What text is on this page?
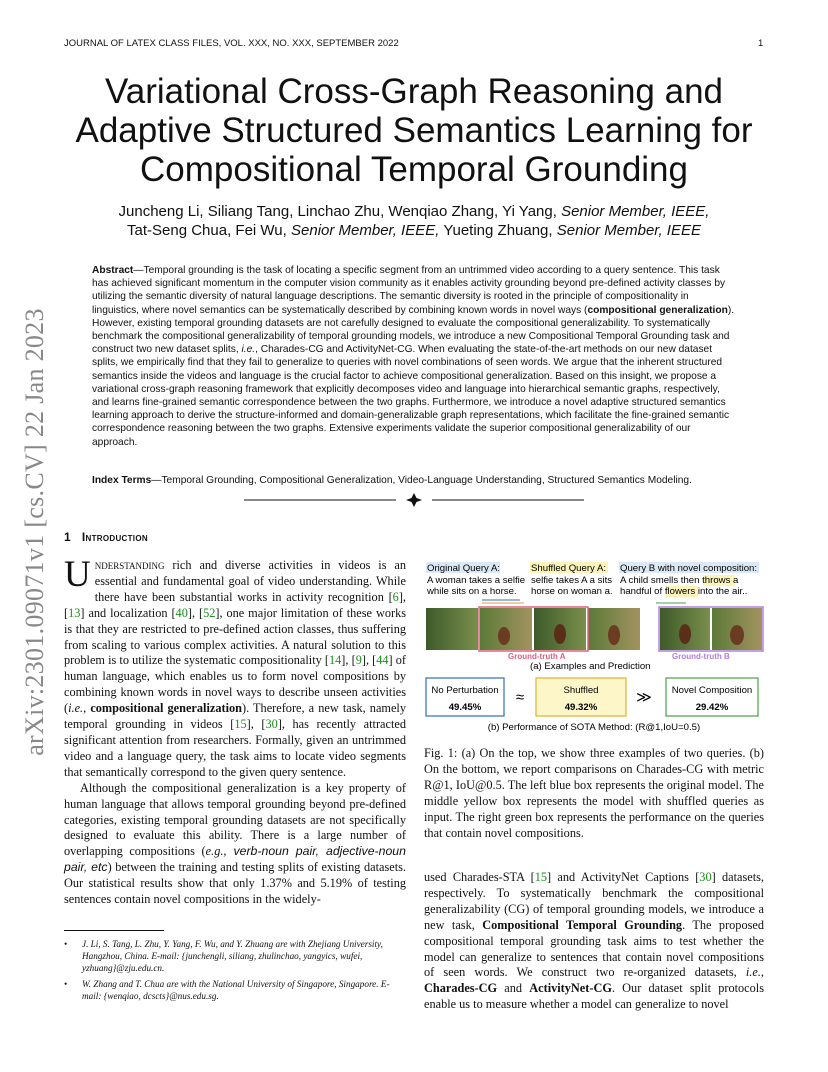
JOURNAL OF LATEX CLASS FILES, VOL. XXX, NO. XXX, SEPTEMBER 2022	1
arXiv:2301.09071v1 [cs.CV] 22 Jan 2023
Variational Cross-Graph Reasoning and
Adaptive Structured Semantics Learning for
Compositional Temporal Grounding
Juncheng Li, Siliang Tang, Linchao Zhu, Wenqiao Zhang, Yi Yang, Senior Member, IEEE,
Tat-Seng Chua, Fei Wu, Senior Member, IEEE, Yueting Zhuang, Senior Member, IEEE
Abstract—Temporal grounding is the task of locating a specific segment from an untrimmed video according to a query sentence. This task has achieved significant momentum in the computer vision community as it enables activity grounding beyond pre-defined activity classes by utilizing the semantic diversity of natural language descriptions. The semantic diversity is rooted in the principle of compositionality in linguistics, where novel semantics can be systematically described by combining known words in novel ways (compositional generalization). However, existing temporal grounding datasets are not carefully designed to evaluate the compositional generalizability. To systematically benchmark the compositional generalizability of temporal grounding models, we introduce a new Compositional Temporal Grounding task and construct two new dataset splits, i.e., Charades-CG and ActivityNet-CG. When evaluating the state-of-the-art methods on our new dataset splits, we empirically find that they fail to generalize to queries with novel combinations of seen words. We argue that the inherent structured semantics inside the videos and language is the crucial factor to achieve compositional generalization. Based on this insight, we propose a variational cross-graph reasoning framework that explicitly decomposes video and language into hierarchical semantic graphs, respectively, and learns fine-grained semantic correspondence between the two graphs. Furthermore, we introduce a novel adaptive structured semantics learning approach to derive the structure-informed and domain-generalizable graph representations, which facilitate the fine-grained semantic correspondence reasoning between the two graphs. Extensive experiments validate the superior compositional generalizability of our approach.
Index Terms—Temporal Grounding, Compositional Generalization, Video-Language Understanding, Structured Semantics Modeling.
1 Introduction

Understanding rich and diverse activities in videos is an essential and fundamental goal of video understanding. While there have been substantial works in activity recognition [6], [13] and localization [40], [52], one major limitation of these works is that they are restricted to pre-defined action classes, thus suffering from scaling to various complex activities. A natural solution to this problem is to utilize the systematic compositionality [14], [9], [44] of human language, which enables us to form novel compositions by combining known words in novel ways to describe unseen activities (i.e., compositional generalization). Therefore, a new task, namely temporal grounding in videos [15], [30], has recently attracted significant attention from researchers. Formally, given an untrimmed video and a language query, the task aims to locate video segments that semantically correspond to the given query sentence.

Although the compositional generalization is a key property of human language that allows temporal grounding beyond pre-defined categories, existing temporal grounding datasets are not specifically designed to evaluate this ability. There is a large number of overlapping compositions (e.g., verb-noun pair, adjective-noun pair, etc) between the training and testing splits of existing datasets. Our statistical results show that only 1.37% and 5.19% of testing sentences contain novel compositions in the widely-

• J. Li, S. Tang, L. Zhu, Y. Yang, F. Wu, and Y. Zhuang are with Zhejiang University, Hangzhou, China. E-mail: {junchengli, siliang, zhulinchao, yangyics, wufei, yzhuang}@zju.edu.cn.
• W. Zhang and T. Chua are with the National University of Singapore, Singapore. E-mail: {wenqiao, dcscts}@nus.edu.sg.
Original Query A:
A woman takes a selfie
while sits on a horse.
Shuffled Query A:
selfie takes A a sits
horse on woman a.
Query B with novel composition:
A child smells then throws a
handful of flowers into the air..
Ground-truth A	Ground-truth B
(a) Examples and Prediction
No Perturbation
49.45%
≈	Shuffled
49.32%
≫ Novel Composition
29.42%
(b) Performance of SOTA Method: (R@1,IoU=0.5)
Fig. 1: (a) On the top, we show three examples of two queries. (b) On the bottom, we report comparisons on Charades-CG with metric R@1, IoU@0.5. The left blue box represents the original model. The middle yellow box represents the model with shuffled queries as input. The right green box represents the performance on the queries that contain novel compositions.
used Charades-STA [15] and ActivityNet Captions [30] datasets, respectively. To systematically benchmark the compositional generalizability (CG) of temporal grounding models, we introduce a new task, Compositional Temporal Grounding. The proposed compositional temporal grounding task aims to test whether the model can generalize to sentences that contain novel compositions of seen words. We construct two re-organized datasets, i.e., Charades-CG and ActivityNet-CG. Our dataset split protocols enable us to measure whether a model can generalize to novel
